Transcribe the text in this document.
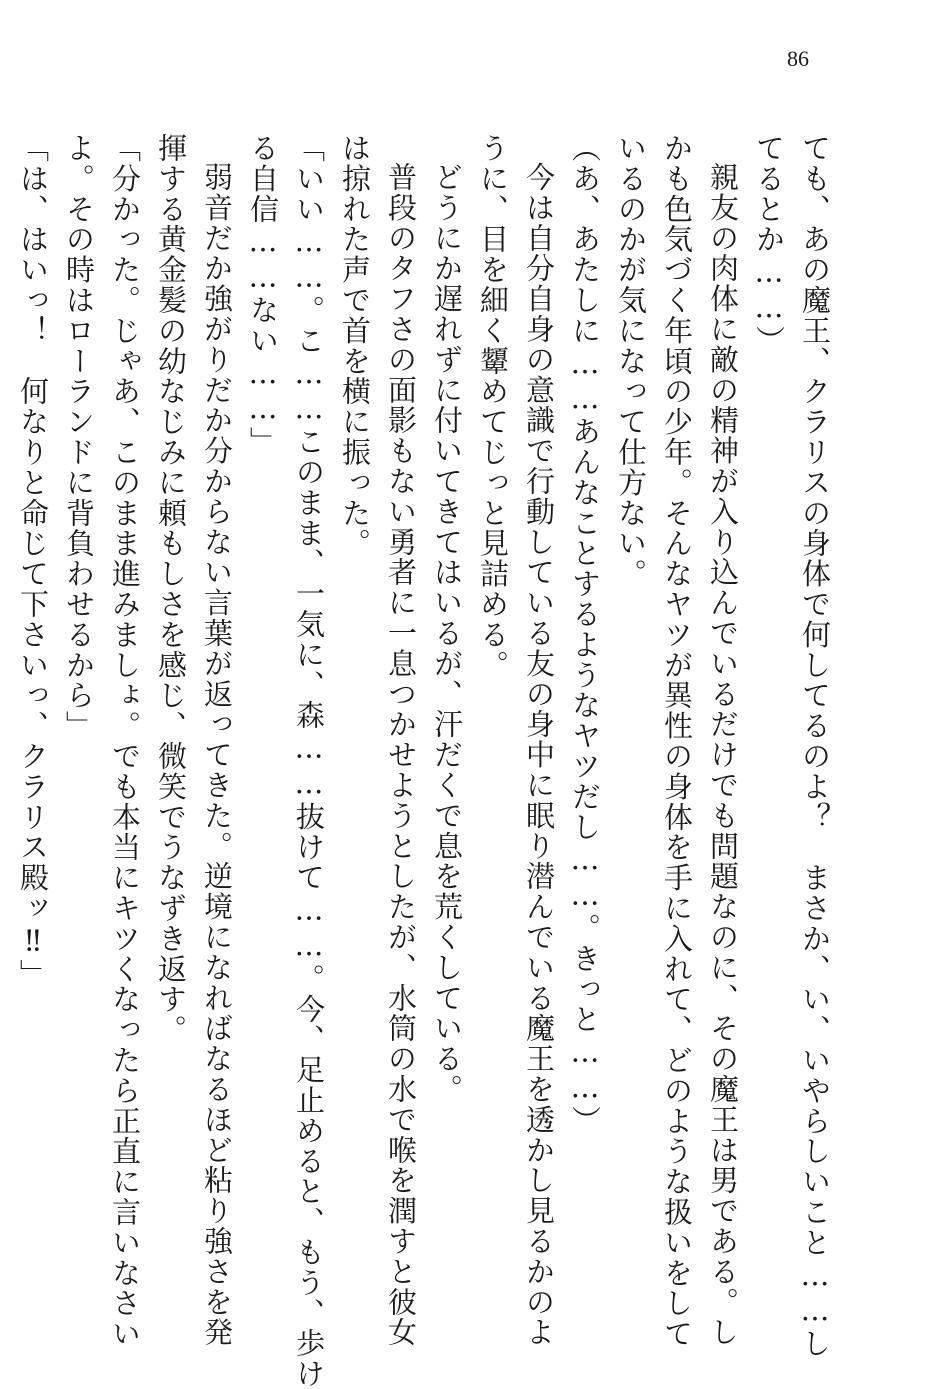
86
ても、あの魔王、クラリスの身体で何してるのよ？　まさか、い、いやらしいこと……し
てるとか……）
親友の肉体に敵の精神が入り込んでいるだけでも問題なのに、その魔王は男である。し
かも色気づく年頃の少年。そんなヤツが異性の身体を手に入れて、どのような扱いをして
いるのかが気になって仕方ない。
（あ、あたしに……あんなことするようなヤツだし……。きっと……）
今は自分自身の意識で行動している友の身中に眠り潜んでいる魔王を透かし見るかのよ
うに、目を細く顰めてじっと見詰める。
どうにか遅れずに付いてきてはいるが、汗だくで息を荒くしている。
普段のタフさの面影もない勇者に一息つかせようとしたが、水筒の水で喉を潤すと彼女
は掠れた声で首を横に振った。
「いい……。こ……このまま、一気に、森……抜けて……。今、足止めると、もう、歩け
る自信……ない……」
弱音だか強がりだか分からない言葉が返ってきた。逆境になればなるほど粘り強さを発
揮する黄金髪の幼なじみに頼もしさを感じ、微笑でうなずき返す。
「分かった。じゃあ、このまま進みましょ。でも本当にキツくなったら正直に言いなさい
よ。その時はローランドに背負わせるから」
「は、はいっ！　何なりと命じて下さいっ、クラリス殿ッ‼」
